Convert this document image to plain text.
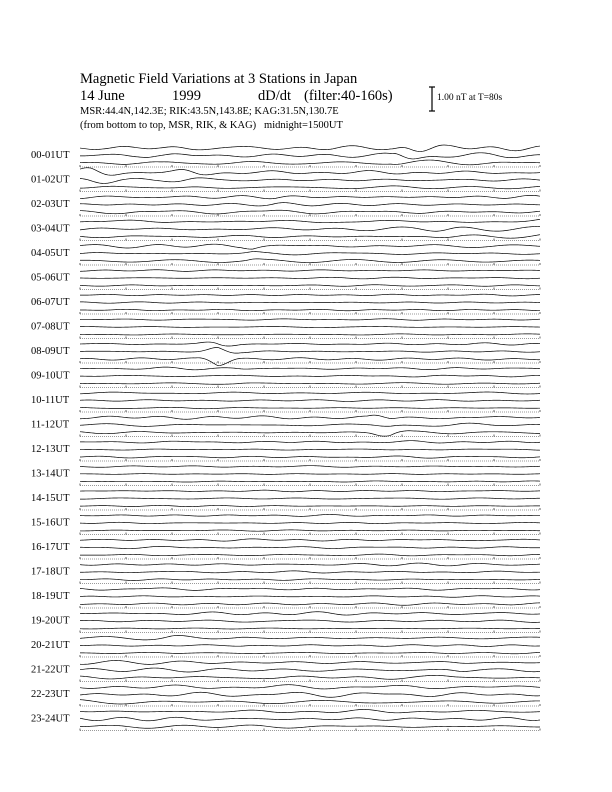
Magnetic Field Variations at 3 Stations in Japan
14 June	1999	dD/dt (filter:40-160s)
MSR:44.4N,142.3E; RIK:43.5N,143.8E; KAG:31.5N,130.7E
(from bottom to top, MSR, RIK, & KAG) midnight=1500UT
1.00 nT at T=80s
00-01UT
01-02UT
02-03UT
03-04UT
04-05UT
05-06UT
06-07UT
07-08UT
08-09UT
09-10UT
10-11UT
11-12UT
12-13UT
13-14UT
14-15UT
15-16UT
16-17UT
17-18UT
18-19UT
19-20UT
20-21UT
21-22UT
22-23UT
23-24UT
